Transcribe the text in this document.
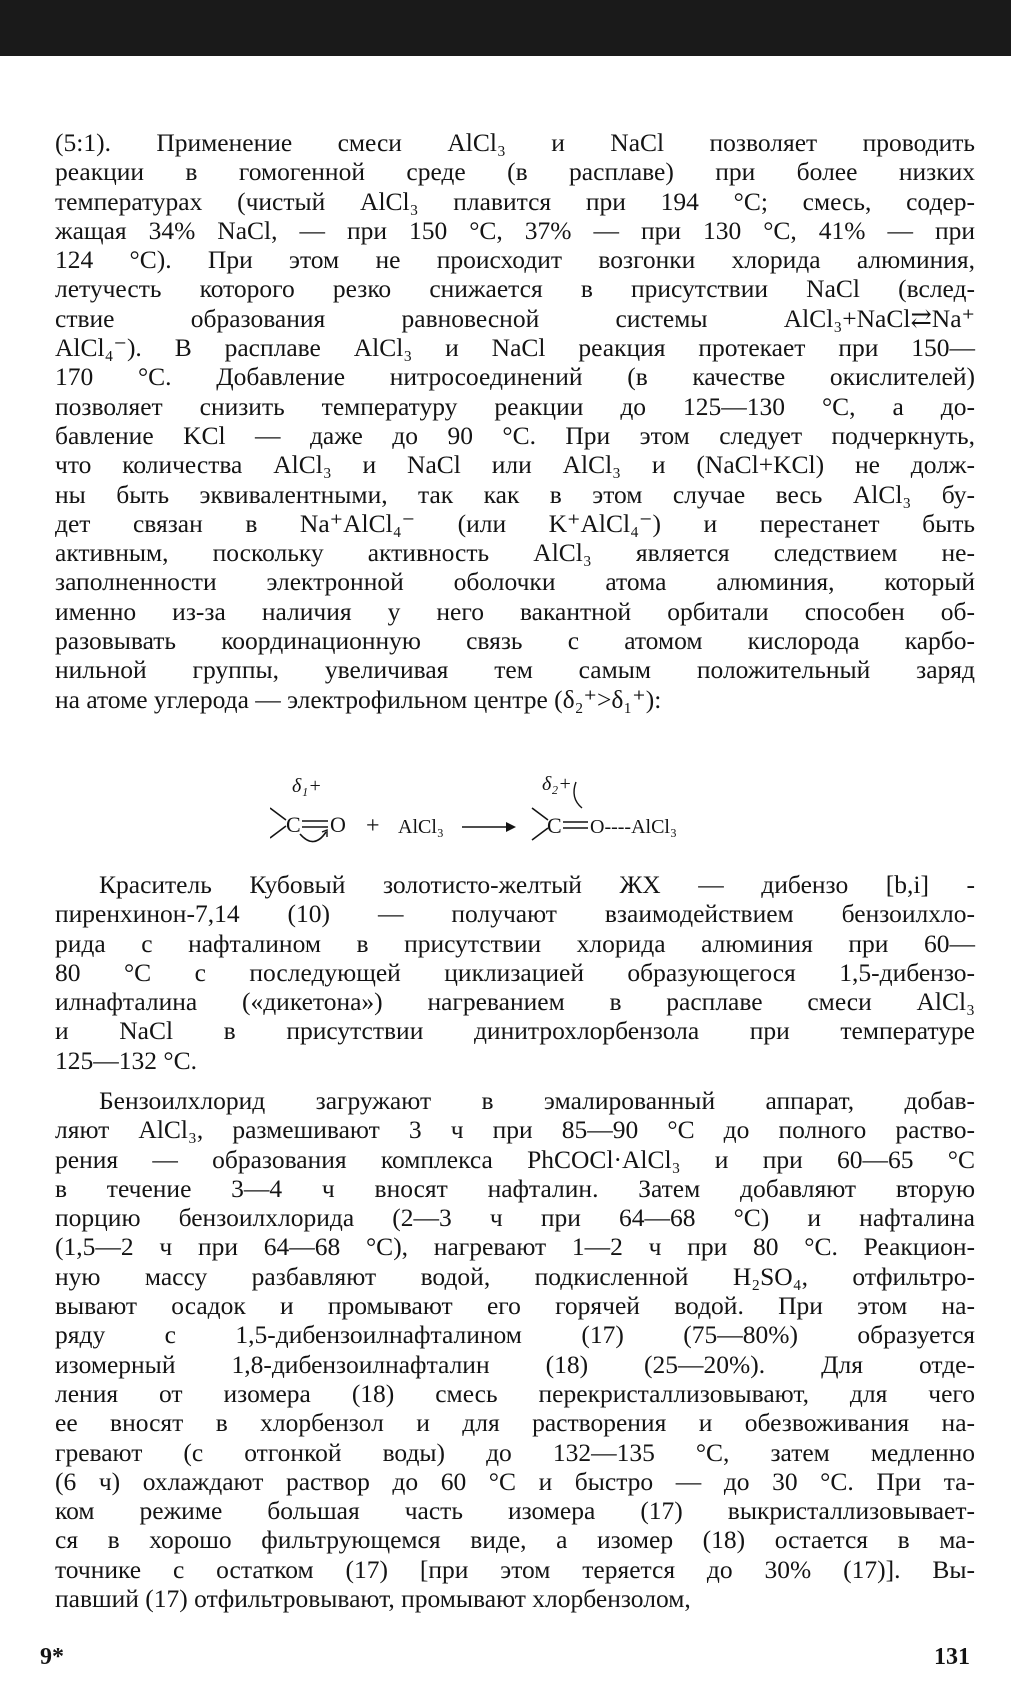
(5:1). Применение смеси AlCl₃ и NaCl позволяет проводить
реакции в гомогенной среде (в расплаве) при более низких
температурах (чистый AlCl₃ плавится при 194 °C; смесь, содер-
жащая 34% NaCl, — при 150 °C, 37% — при 130 °C, 41% — при
124 °C). При этом не происходит возгонки хлорида алюминия,
летучесть которого резко снижается в присутствии NaCl (вслед-
ствие образования равновесной системы AlCl₃+NaCl⇄Na⁺
AlCl₄⁻). В расплаве AlCl₃ и NaCl реакция протекает при 150—
170 °C. Добавление нитросоединений (в качестве окислителей)
позволяет снизить температуру реакции до 125—130 °C, а до-
бавление KCl — даже до 90 °C. При этом следует подчеркнуть,
что количества AlCl₃ и NaCl или AlCl₃ и (NaCl+KCl) не долж-
ны быть эквивалентными, так как в этом случае весь AlCl₃ бу-
дет связан в Na⁺AlCl₄⁻ (или K⁺AlCl₄⁻) и перестанет быть
активным, поскольку активность AlCl₃ является следствием не-
заполненности электронной оболочки атома алюминия, который
именно из-за наличия у него вакантной орбитали способен об-
разовывать координационную связь с атомом кислорода карбо-
нильной группы, увеличивая тем самым положительный заряд
на атоме углерода — электрофильном центре (δ₂⁺>δ₁⁺):
δ₁+
C O + AlCl₃
δ₂+
C O----AlCl₃
Краситель Кубовый золотисто-желтый ЖХ — дибензо [b,i] -
пиренхинон-7,14 (10) — получают взаимодействием бензоилхло-
рида с нафталином в присутствии хлорида алюминия при 60—
80 °C с последующей циклизацией образующегося 1,5-дибензо-
илнафталина («дикетона») нагреванием в расплаве смеси AlCl₃
и NaCl в присутствии динитрохлорбензола при температуре
125—132 °C.
Бензоилхлорид загружают в эмалированный аппарат, добав-
ляют AlCl₃, размешивают 3 ч при 85—90 °C до полного раство-
рения — образования комплекса PhCOCl·AlCl₃ и при 60—65 °C
в течение 3—4 ч вносят нафталин. Затем добавляют вторую
порцию бензоилхлорида (2—3 ч при 64—68 °C) и нафталина
(1,5—2 ч при 64—68 °C), нагревают 1—2 ч при 80 °C. Реакцион-
ную массу разбавляют водой, подкисленной H₂SO₄, отфильтро-
вывают осадок и промывают его горячей водой. При этом на-
ряду с 1,5-дибензоилнафталином (17) (75—80%) образуется
изомерный 1,8-дибензоилнафталин (18) (25—20%). Для отде-
ления от изомера (18) смесь перекристаллизовывают, для чего
ее вносят в хлорбензол и для растворения и обезвоживания на-
гревают (с отгонкой воды) до 132—135 °C, затем медленно
(6 ч) охлаждают раствор до 60 °C и быстро — до 30 °C. При та-
ком режиме большая часть изомера (17) выкристаллизовывает-
ся в хорошо фильтрующемся виде, а изомер (18) остается в ма-
точнике с остатком (17) [при этом теряется до 30% (17)]. Вы-
павший (17) отфильтровывают, промывают хлорбензолом,
9*	131
